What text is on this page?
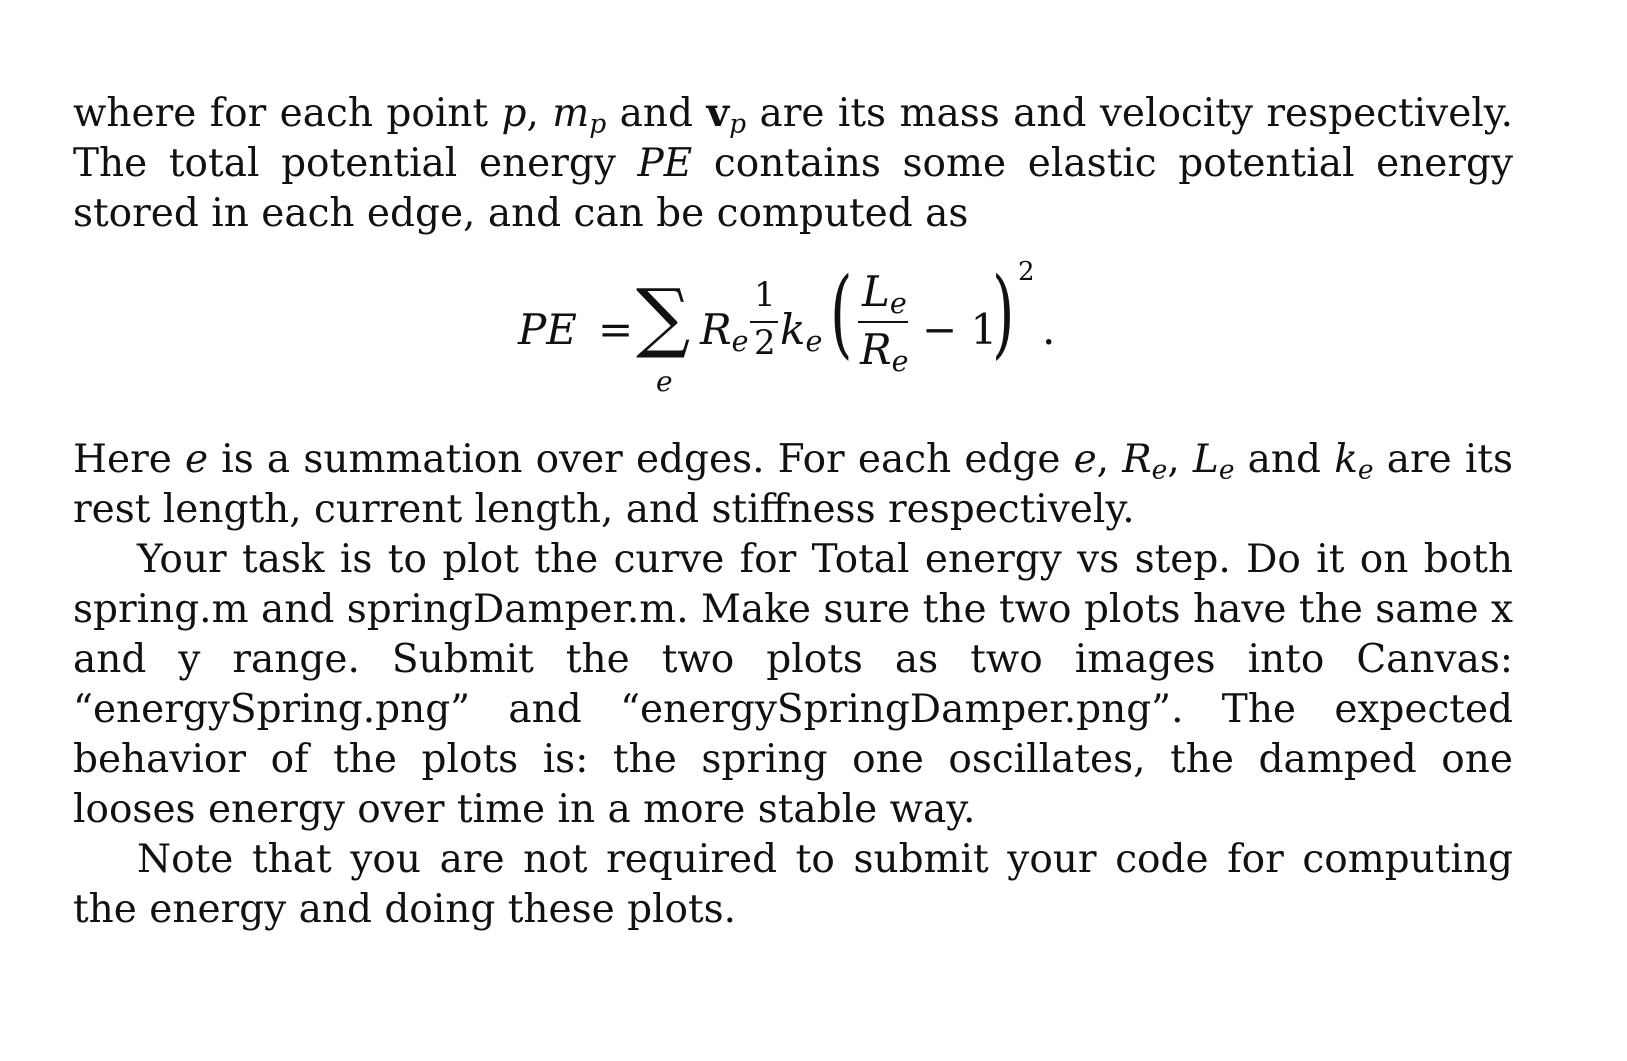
where for each point p, $m_p$ and $v_p$ are its mass and velocity respectively. The total potential energy PE contains some elastic potential energy stored in each edge, and can be computed as

PE = ∑
e
$R_e$
1
2 $k_e$ ( $L_e$
$R_e$
− 1
) 2
.

Here e is a summation over edges. For each edge e, $R_e$, $L_e$ and $k_e$ are its rest length, current length, and stiffness respectively.

Your task is to plot the curve for Total energy vs step. Do it on both spring.m and springDamper.m. Make sure the two plots have the same x and y range. Submit the two plots as two images into Canvas: “energySpring.png” and “energySpringDamper.png”. The expected behavior of the plots is: the spring one oscillates, the damped one looses energy over time in a more stable way.

Note that you are not required to submit your code for computing the energy and doing these plots.
